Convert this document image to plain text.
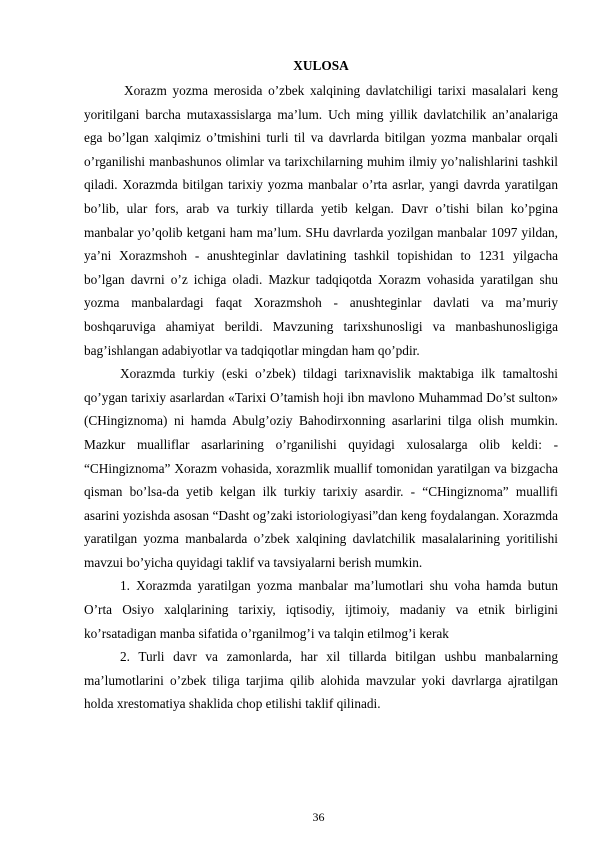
XULOSA

Xorazm yozma merosida o’zbek xalqining davlatchiligi tarixi masalalari keng yoritilgani barcha mutaxassislarga ma’lum. Uch ming yillik davlatchilik an’analariga ega bo’lgan xalqimiz o’tmishini turli til va davrlarda bitilgan yozma manbalar orqali o’rganilishi manbashunos olimlar va tarixchilarning muhim ilmiy yo’nalishlarini tashkil qiladi. Xorazmda bitilgan tarixiy yozma manbalar o’rta asrlar, yangi davrda yaratilgan bo’lib, ular fors, arab va turkiy tillarda yetib kelgan. Davr o’tishi bilan ko’pgina manbalar yo’qolib ketgani ham ma’lum. SHu davrlarda yozilgan manbalar 1097 yildan, ya’ni Xorazmshoh - anushteginlar davlatining tashkil topishidan to 1231 yilgacha bo’lgan davrni o’z ichiga oladi. Mazkur tadqiqotda Xorazm vohasida yaratilgan shu yozma manbalardagi faqat Xorazmshoh - anushteginlar davlati va ma’muriy boshqaruviga ahamiyat berildi. Mavzuning tarixshunosligi va manbashunosligiga bag’ishlangan adabiyotlar va tadqiqotlar mingdan ham qo’pdir.

Xorazmda turkiy (eski o’zbek) tildagi tarixnavislik maktabiga ilk tamaltoshi qo’ygan tarixiy asarlardan «Tarixi O’tamish hoji ibn mavlono Muhammad Do’st sulton» (CHingiznoma) ni hamda Abulg’oziy Bahodirxonning asarlarini tilga olish mumkin. Mazkur mualliflar asarlarining o’rganilishi quyidagi xulosalarga olib keldi: - “CHingiznoma” Xorazm vohasida, xorazmlik muallif tomonidan yaratilgan va bizgacha qisman bo’lsa-da yetib kelgan ilk turkiy tarixiy asardir. - “CHingiznoma” muallifi asarini yozishda asosan “Dasht og’zaki istoriologiyasi”dan keng foydalangan. Xorazmda yaratilgan yozma manbalarda o’zbek xalqining davlatchilik masalalarining yoritilishi mavzui bo’yicha quyidagi taklif va tavsiyalarni berish mumkin.

1. Xorazmda yaratilgan yozma manbalar ma’lumotlari shu voha hamda butun O’rta Osiyo xalqlarining tarixiy, iqtisodiy, ijtimoiy, madaniy va etnik birligini ko’rsatadigan manba sifatida o’rganilmog’i va talqin etilmog’i kerak

2. Turli davr va zamonlarda, har xil tillarda bitilgan ushbu manbalarning ma’lumotlarini o’zbek tiliga tarjima qilib alohida mavzular yoki davrlarga ajratilgan holda xrestomatiya shaklida chop etilishi taklif qilinadi.

36
